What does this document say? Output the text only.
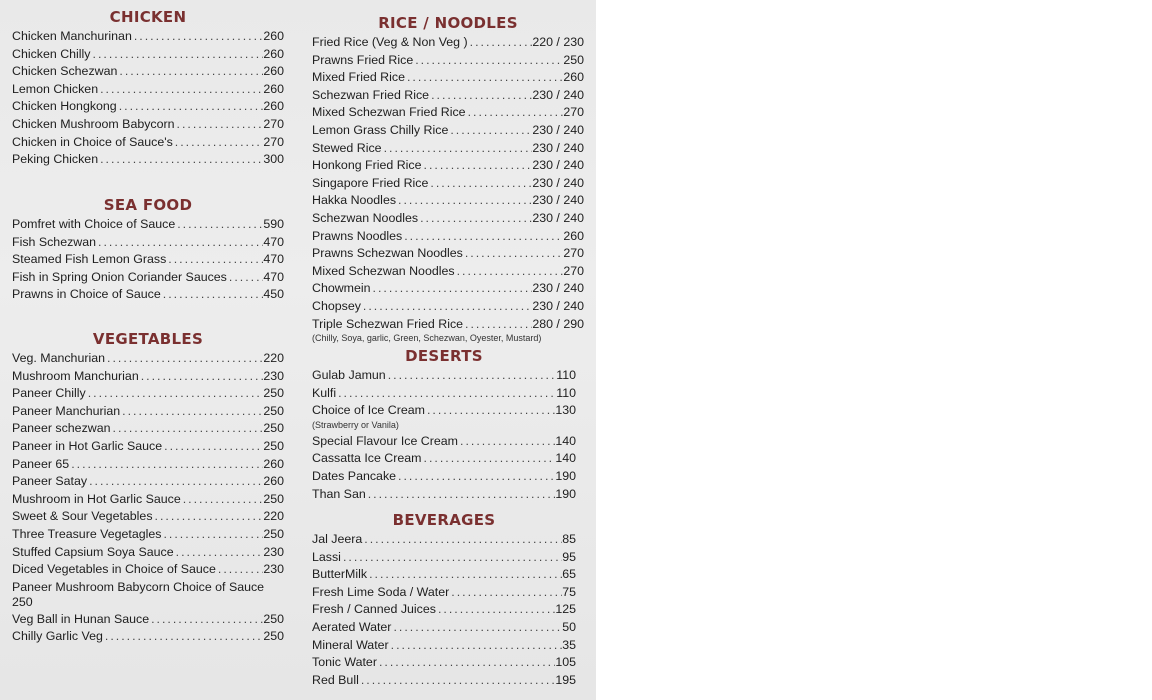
CHICKEN
Chicken Manchurinan .....	260
Chicken Chilly .....	260
Chicken Schezwan .....	260
Lemon Chicken .....	260
Chicken Hongkong .....	260
Chicken Mushroom Babycorn .....	270
Chicken in Choice of Sauce's .....	270
Peking Chicken .....	300
SEA FOOD
Pomfret with Choice of Sauce .....	590
Fish Schezwan .....	470
Steamed Fish Lemon Grass .....	470
Fish in Spring Onion Coriander Sauces .....	470
Prawns in Choice of Sauce .....	450
VEGETABLES
Veg. Manchurian .....	220
Mushroom Manchurian .....	230
Paneer Chilly .....	250
Paneer Manchurian .....	250
Paneer schezwan .....	250
Paneer in Hot Garlic Sauce .....	250
Paneer 65 .....	260
Paneer Satay .....	260
Mushroom in Hot Garlic Sauce .....	250
Sweet & Sour Vegetables .....	220
Three Treasure Vegetagles .....	250
Stuffed Capsium Soya Sauce .....	230
Diced Vegetables in Choice of Sauce .....	230
Paneer Mushroom Babycorn Choice of Sauce
250
Veg Ball in Hunan Sauce .....	250
Chilly Garlic Veg .....	250
RICE / NOODLES
Fried Rice (Veg & Non Veg ) .....	220 / 230
Prawns Fried Rice .....	250
Mixed Fried Rice .....	260
Schezwan Fried Rice .....	230 / 240
Mixed Schezwan Fried Rice .....	270
Lemon Grass Chilly Rice .....	230 / 240
Stewed Rice .....	230 / 240
Honkong Fried Rice .....	230 / 240
Singapore Fried Rice .....	230 / 240
Hakka Noodles .....	230 / 240
Schezwan Noodles .....	230 / 240
Prawns Noodles .....	260
Prawns Schezwan Noodles .....	270
Mixed Schezwan Noodles .....	270
Chowmein .....	230 / 240
Chopsey .....	230 / 240
Triple Schezwan Fried Rice .....	280 / 290

(Chilly, Soya, garlic, Green, Schezwan, Oyester, Mustard)

DESERTS
Gulab Jamun .....	110
Kulfi .....	110
Choice of Ice Cream .....	130
(Strawberry or Vanila)
Special Flavour Ice Cream .....	140
Cassatta Ice Cream .....	140
Dates Pancake .....	190
Than San .....	190
BEVERAGES
Jal Jeera .....	85
Lassi .....	95
ButterMilk .....	65
Fresh Lime Soda / Water .....	75
Fresh / Canned Juices .....	125
Aerated Water .....	50
Mineral Water .....	35
Tonic Water .....	105
Red Bull .....	195
